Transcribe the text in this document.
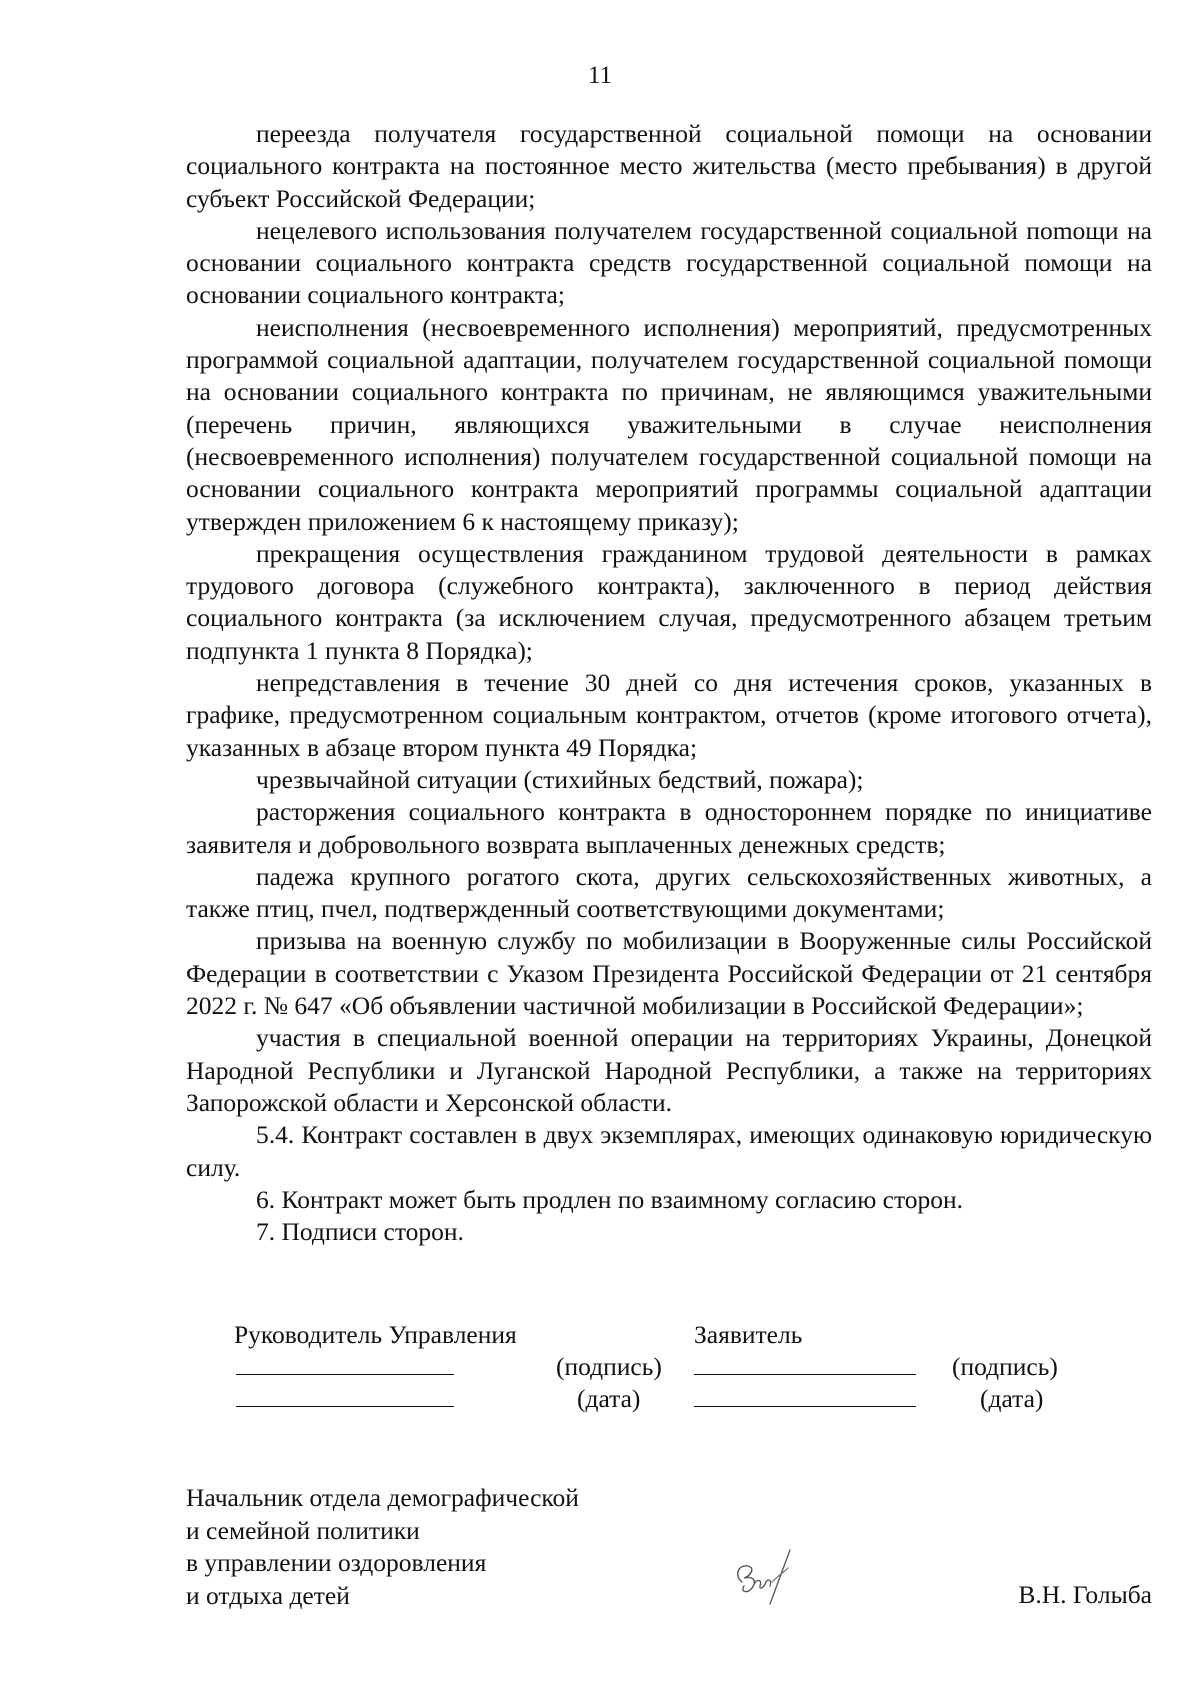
11

переезда получателя государственной социальной помощи на основании социального контракта на постоянное место жительства (место пребывания) в другой субъект Российской Федерации;

нецелевого использования получателем государственной социальной поmощи на основании социального контракта средств государственной социальной помощи на основании социального контракта;

неисполнения (несвоевременного исполнения) мероприятий, предусмотренных программой социальной адаптации, получателем государственной социальной помощи на основании социального контракта по причинам, не являющимся уважительными (перечень причин, являющихся уважительными в случае неисполнения (несвоевременного исполнения) получателем государственной социальной помощи на основании социального контракта мероприятий программы социальной адаптации утвержден приложением 6 к настоящему приказу);

прекращения осуществления гражданином трудовой деятельности в рамках трудового договора (служебного контракта), заключенного в период действия социального контракта (за исключением случая, предусмотренного абзацем третьим подпункта 1 пункта 8 Порядка);

непредставления в течение 30 дней со дня истечения сроков, указанных в графике, предусмотренном социальным контрактом, отчетов (кроме итогового отчета), указанных в абзаце втором пункта 49 Порядка;

чрезвычайной ситуации (стихийных бедствий, пожара);

расторжения социального контракта в одностороннем порядке по инициативе заявителя и добровольного возврата выплаченных денежных средств;

падежа крупного рогатого скота, других сельскохозяйственных животных, а также птиц, пчел, подтвержденный соответствующими документами;

призыва на военную службу по мобилизации в Вооруженные силы Российской Федерации в соответствии с Указом Президента Российской Федерации от 21 сентября 2022 г. № 647 «Об объявлении частичной мобилизации в Российской Федерации»;

участия в специальной военной операции на территориях Украины, Донецкой Народной Республики и Луганской Народной Республики, а также на территориях Запорожской области и Херсонской области.

5.4. Контракт составлен в двух экземплярах, имеющих одинаковую юридическую силу.

6. Контракт может быть продлен по взаимному согласию сторон.

7. Подписи сторон.

Руководитель Управления
(подпись)
(дата)
Заявитель
(подпись)
(дата)

Начальник отдела демографической

и семейной политики

в управлении оздоровления

и отдыха детей	В.Н. Голыба
